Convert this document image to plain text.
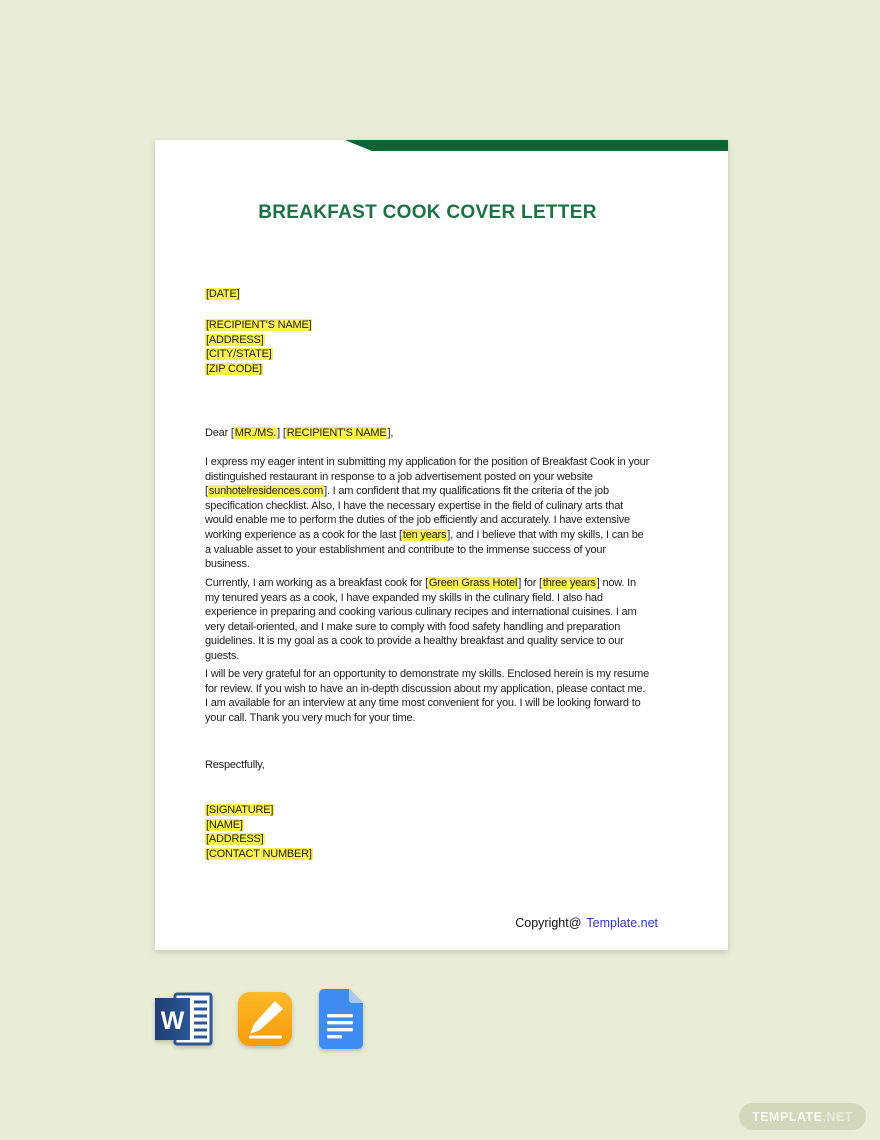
BREAKFAST COOK COVER LETTER
[DATE]
[RECIPIENT'S NAME]
[ADDRESS]
[CITY/STATE]
[ZIP CODE]

Dear [MR./MS.] [RECIPIENT'S NAME],

I express my eager intent in submitting my application for the position of Breakfast Cook in your distinguished restaurant in response to a job advertisement posted on your website [sunhotelresidences.com]. I am confident that my qualifications fit the criteria of the job specification checklist. Also, I have the necessary expertise in the field of culinary arts that would enable me to perform the duties of the job efficiently and accurately. I have extensive working experience as a cook for the last [ten years], and I believe that with my skills, I can be a valuable asset to your establishment and contribute to the immense success of your business.

Currently, I am working as a breakfast cook for [Green Grass Hotel] for [three years] now. In my tenured years as a cook, I have expanded my skills in the culinary field. I also had experience in preparing and cooking various culinary recipes and international cuisines. I am very detail-oriented, and I make sure to comply with food safety handling and preparation guidelines. It is my goal as a cook to provide a healthy breakfast and quality service to our guests.

I will be very grateful for an opportunity to demonstrate my skills. Enclosed herein is my resume for review. If you wish to have an in-depth discussion about my application, please contact me. I am available for an interview at any time most convenient for you. I will be looking forward to your call. Thank you very much for your time.

Respectfully,

[SIGNATURE]
[NAME]
[ADDRESS]
[CONTACT NUMBER]

Copyright@ Template.net

W
TEMPLATE .NET
